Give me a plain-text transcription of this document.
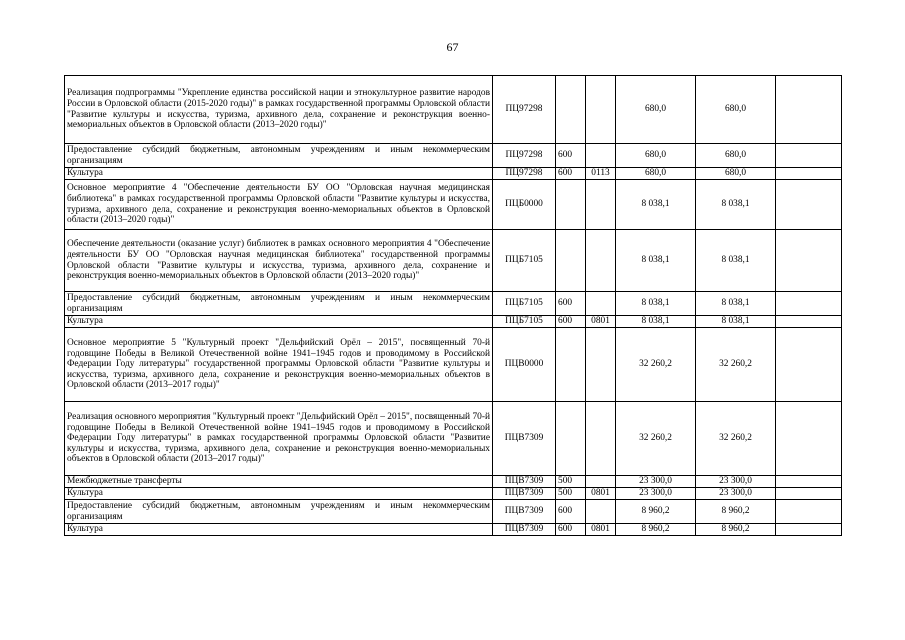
67
Реализация подпрограммы "Укрепление единства российской нации и этнокультурное развитие народов России в Орловской области (2015-2020 годы)" в рамках государственной программы Орловской области "Развитие культуры и искусства, туризма, архивного дела, сохранение и реконструкция военно-мемориальных объектов в Орловской области (2013–2020 годы)"	ПЦ97298			680,0	680,0	
Предоставление субсидий бюджетным, автономным учреждениям и иным некоммерческим организациям	ПЦ97298	600		680,0	680,0	
Культура	ПЦ97298	600	0113	680,0	680,0	
Основное мероприятие 4 "Обеспечение деятельности БУ ОО "Орловская научная медицинская библиотека" в рамках государственной программы Орловской области "Развитие культуры и искусства, туризма, архивного дела, сохранение и реконструкция военно-мемориальных объектов в Орловской области (2013–2020 годы)"	ПЦБ0000			8 038,1	8 038,1	
Обеспечение деятельности (оказание услуг) библиотек в рамках основного мероприятия 4 "Обеспечение деятельности БУ ОО "Орловская научная медицинская библиотека" государственной программы Орловской области "Развитие культуры и искусства, туризма, архивного дела, сохранение и реконструкция военно-мемориальных объектов в Орловской области (2013–2020 годы)"	ПЦБ7105			8 038,1	8 038,1	
Предоставление субсидий бюджетным, автономным учреждениям и иным некоммерческим организациям	ПЦБ7105	600		8 038,1	8 038,1	
Культура	ПЦБ7105	600	0801	8 038,1	8 038,1	
Основное мероприятие 5 "Культурный проект "Дельфийский Орёл – 2015", посвященный 70-й годовщине Победы в Великой Отечественной войне 1941–1945 годов и проводимому в Российской Федерации Году литературы" государственной программы Орловской области "Развитие культуры и искусства, туризма, архивного дела, сохранение и реконструкция военно-мемориальных объектов в Орловской области (2013–2017 годы)"	ПЦВ0000			32 260,2	32 260,2	
Реализация основного мероприятия "Культурный проект "Дельфийский Орёл – 2015", посвященный 70-й годовщине Победы в Великой Отечественной войне 1941–1945 годов и проводимому в Российской Федерации Году литературы" в рамках государственной программы Орловской области "Развитие культуры и искусства, туризма, архивного дела, сохранение и реконструкция военно-мемориальных объектов в Орловской области (2013–2017 годы)"	ПЦВ7309			32 260,2	32 260,2	
Межбюджетные трансферты	ПЦВ7309	500		23 300,0	23 300,0	
Культура	ПЦВ7309	500	0801	23 300,0	23 300,0	
Предоставление субсидий бюджетным, автономным учреждениям и иным некоммерческим организациям	ПЦВ7309	600		8 960,2	8 960,2	
Культура	ПЦВ7309	600	0801	8 960,2	8 960,2	
